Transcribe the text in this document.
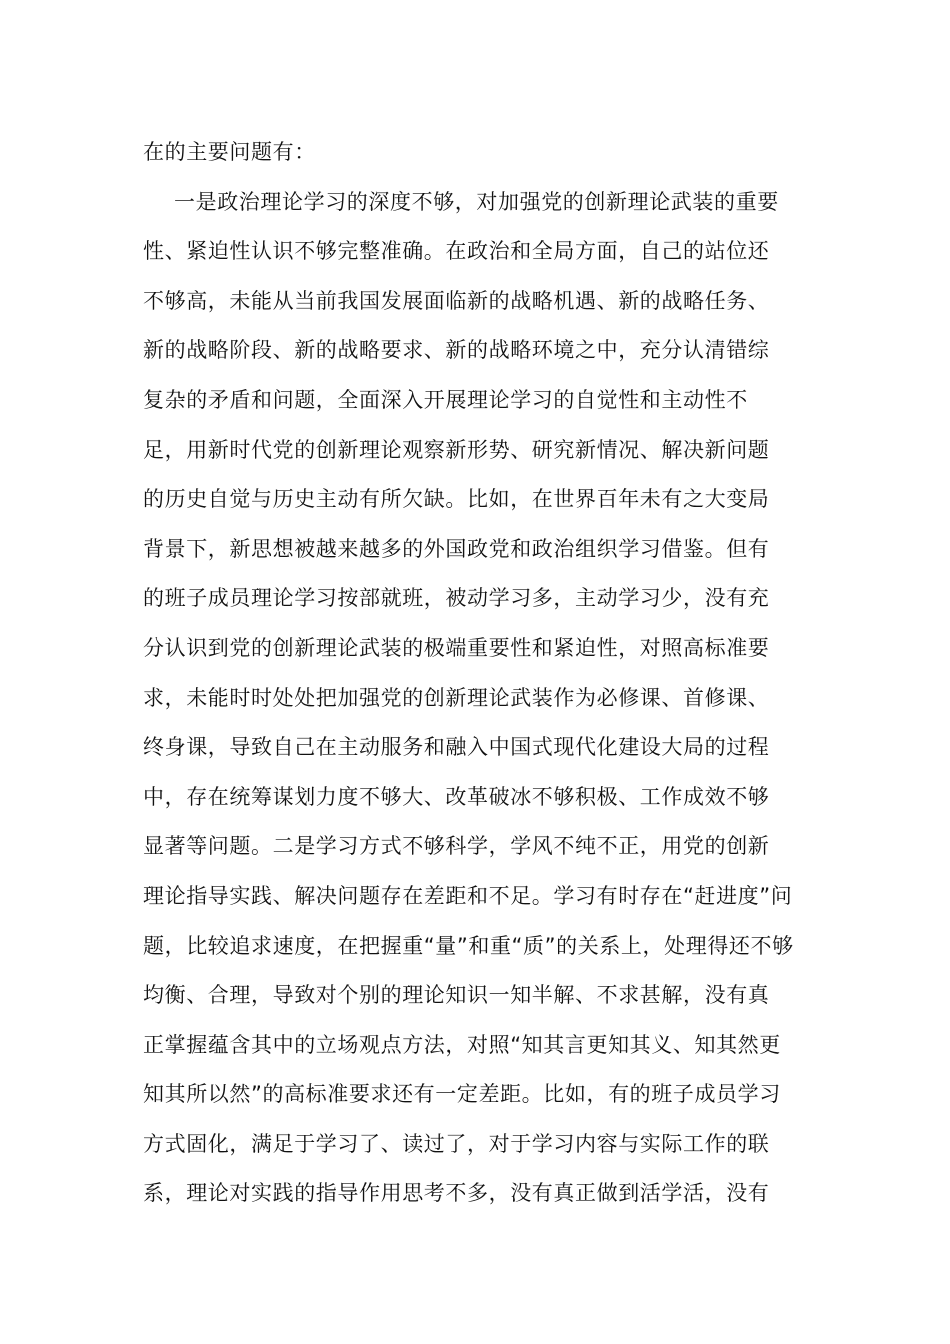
在的主要问题有：
一是政治理论学习的深度不够，对加强党的创新理论武装的重要
性、紧迫性认识不够完整准确。在政治和全局方面，自己的站位还
不够高，未能从当前我国发展面临新的战略机遇、新的战略任务、
新的战略阶段、新的战略要求、新的战略环境之中，充分认清错综
复杂的矛盾和问题，全面深入开展理论学习的自觉性和主动性不
足，用新时代党的创新理论观察新形势、研究新情况、解决新问题
的历史自觉与历史主动有所欠缺。比如，在世界百年未有之大变局
背景下，新思想被越来越多的外国政党和政治组织学习借鉴。但有
的班子成员理论学习按部就班，被动学习多，主动学习少，没有充
分认识到党的创新理论武装的极端重要性和紧迫性，对照高标准要
求，未能时时处处把加强党的创新理论武装作为必修课、首修课、
终身课，导致自己在主动服务和融入中国式现代化建设大局的过程
中，存在统筹谋划力度不够大、改革破冰不够积极、工作成效不够
显著等问题。二是学习方式不够科学，学风不纯不正，用党的创新
理论指导实践、解决问题存在差距和不足。学习有时存在“赶进度”问
题，比较追求速度，在把握重“量”和重“质”的关系上，处理得还不够
均衡、合理，导致对个别的理论知识一知半解、不求甚解，没有真
正掌握蕴含其中的立场观点方法，对照“知其言更知其义、知其然更
知其所以然”的高标准要求还有一定差距。比如，有的班子成员学习
方式固化，满足于学习了、读过了，对于学习内容与实际工作的联
系，理论对实践的指导作用思考不多，没有真正做到活学活，没有
